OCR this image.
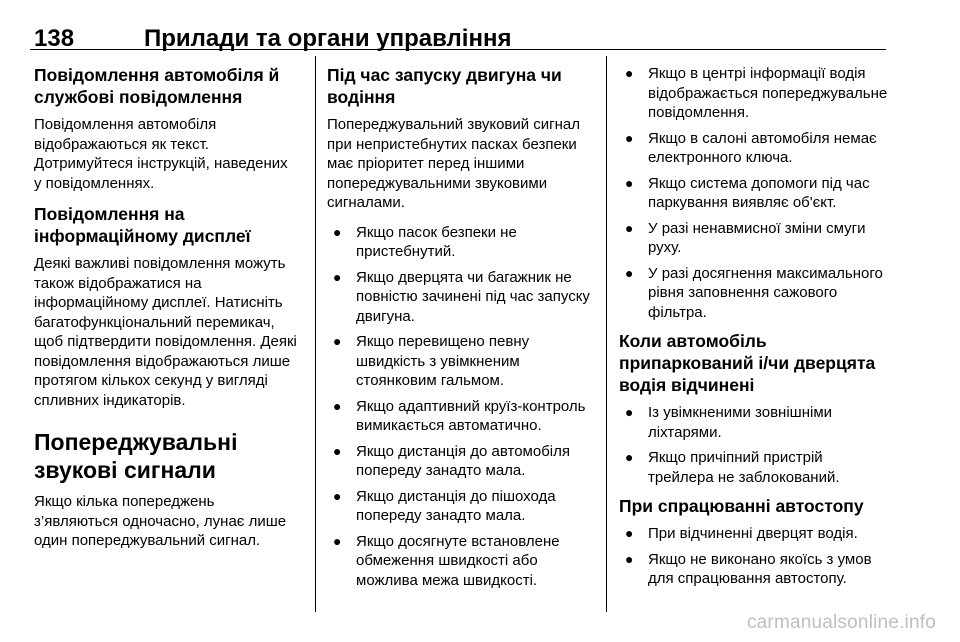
138	Прилади та органи управління
Повідомлення автомобіля й службові повідомлення

Повідомлення автомобіля відображаються як текст. Дотримуйтеся інструкцій, наведених у повідомленнях.

Повідомлення на інформаційному дисплеї

Деякі важливі повідомлення можуть також відображатися на інформаційному дисплеї. Натисніть багатофункціональний перемикач, щоб підтвердити повідомлення. Деякі повідомлення відображаються лише протягом кількох секунд у вигляді спливних індикаторів.

Попереджувальні звукові сигнали

Якщо кілька попереджень з’являються одночасно, лунає лише один попереджувальний сигнал.

Під час запуску двигуна чи водіння

Попереджувальний звуковий сигнал при непристебнутих пасках безпеки має пріоритет перед іншими попереджувальними звуковими сигналами.

● Якщо пасок безпеки не пристебнутий.
● Якщо дверцята чи багажник не повністю зачинені під час запуску двигуна.
● Якщо перевищено певну швидкість з увімкненим стоянковим гальмом.
● Якщо адаптивний круїз-контроль вимикається автоматично.
● Якщо дистанція до автомобіля попереду занадто мала.
● Якщо дистанція до пішохода попереду занадто мала.
● Якщо досягнуте встановлене обмеження швидкості або можлива межа швидкості.
● Якщо в центрі інформації водія відображається попереджувальне повідомлення.
● Якщо в салоні автомобіля немає електронного ключа.
● Якщо система допомоги під час паркування виявляє об'єкт.
● У разі ненавмисної зміни смуги руху.
● У разі досягнення максимального рівня заповнення сажового фільтра.
Коли автомобіль припаркований і/чи дверцята водія відчинені
● Із увімкненими зовнішніми ліхтарями.
● Якщо причіпний пристрій трейлера не заблокований.
При спрацюванні автостопу
● При відчиненні дверцят водія.
● Якщо не виконано якоїсь з умов для спрацювання автостопу.
carmanualsonline.info
